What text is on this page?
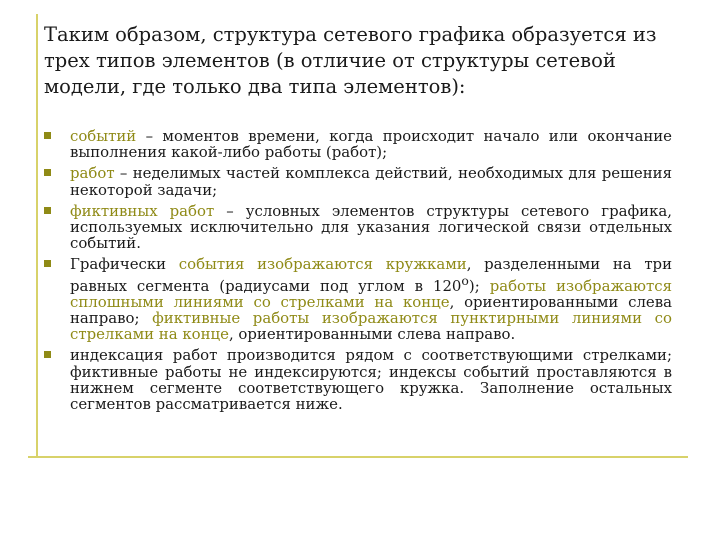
Таким образом, структура сетевого графика образуется из трех типов элементов (в отличие от структуры сетевой модели, где только два типа элементов):
событий – моментов времени, когда происходит начало или окончание выполнения какой-либо работы (работ);
работ – неделимых частей комплекса действий, необходимых для решения некоторой задачи;
фиктивных работ – условных элементов структуры сетевого графика, используемых исключительно для указания логической связи отдельных событий.
Графически события изображаются кружками, разделенными на три равных сегмента (радиусами под углом в 120$^o$); работы изображаются сплошными линиями со стрелками на конце, ориентированными слева направо; фиктивные работы изображаются пунктирными линиями со стрелками на конце, ориентированными слева направо.
индексация работ производится рядом с соответствующими стрелками; фиктивные работы не индексируются; индексы событий проставляются в нижнем сегменте соответствующего кружка. Заполнение остальных сегментов рассматривается ниже.
